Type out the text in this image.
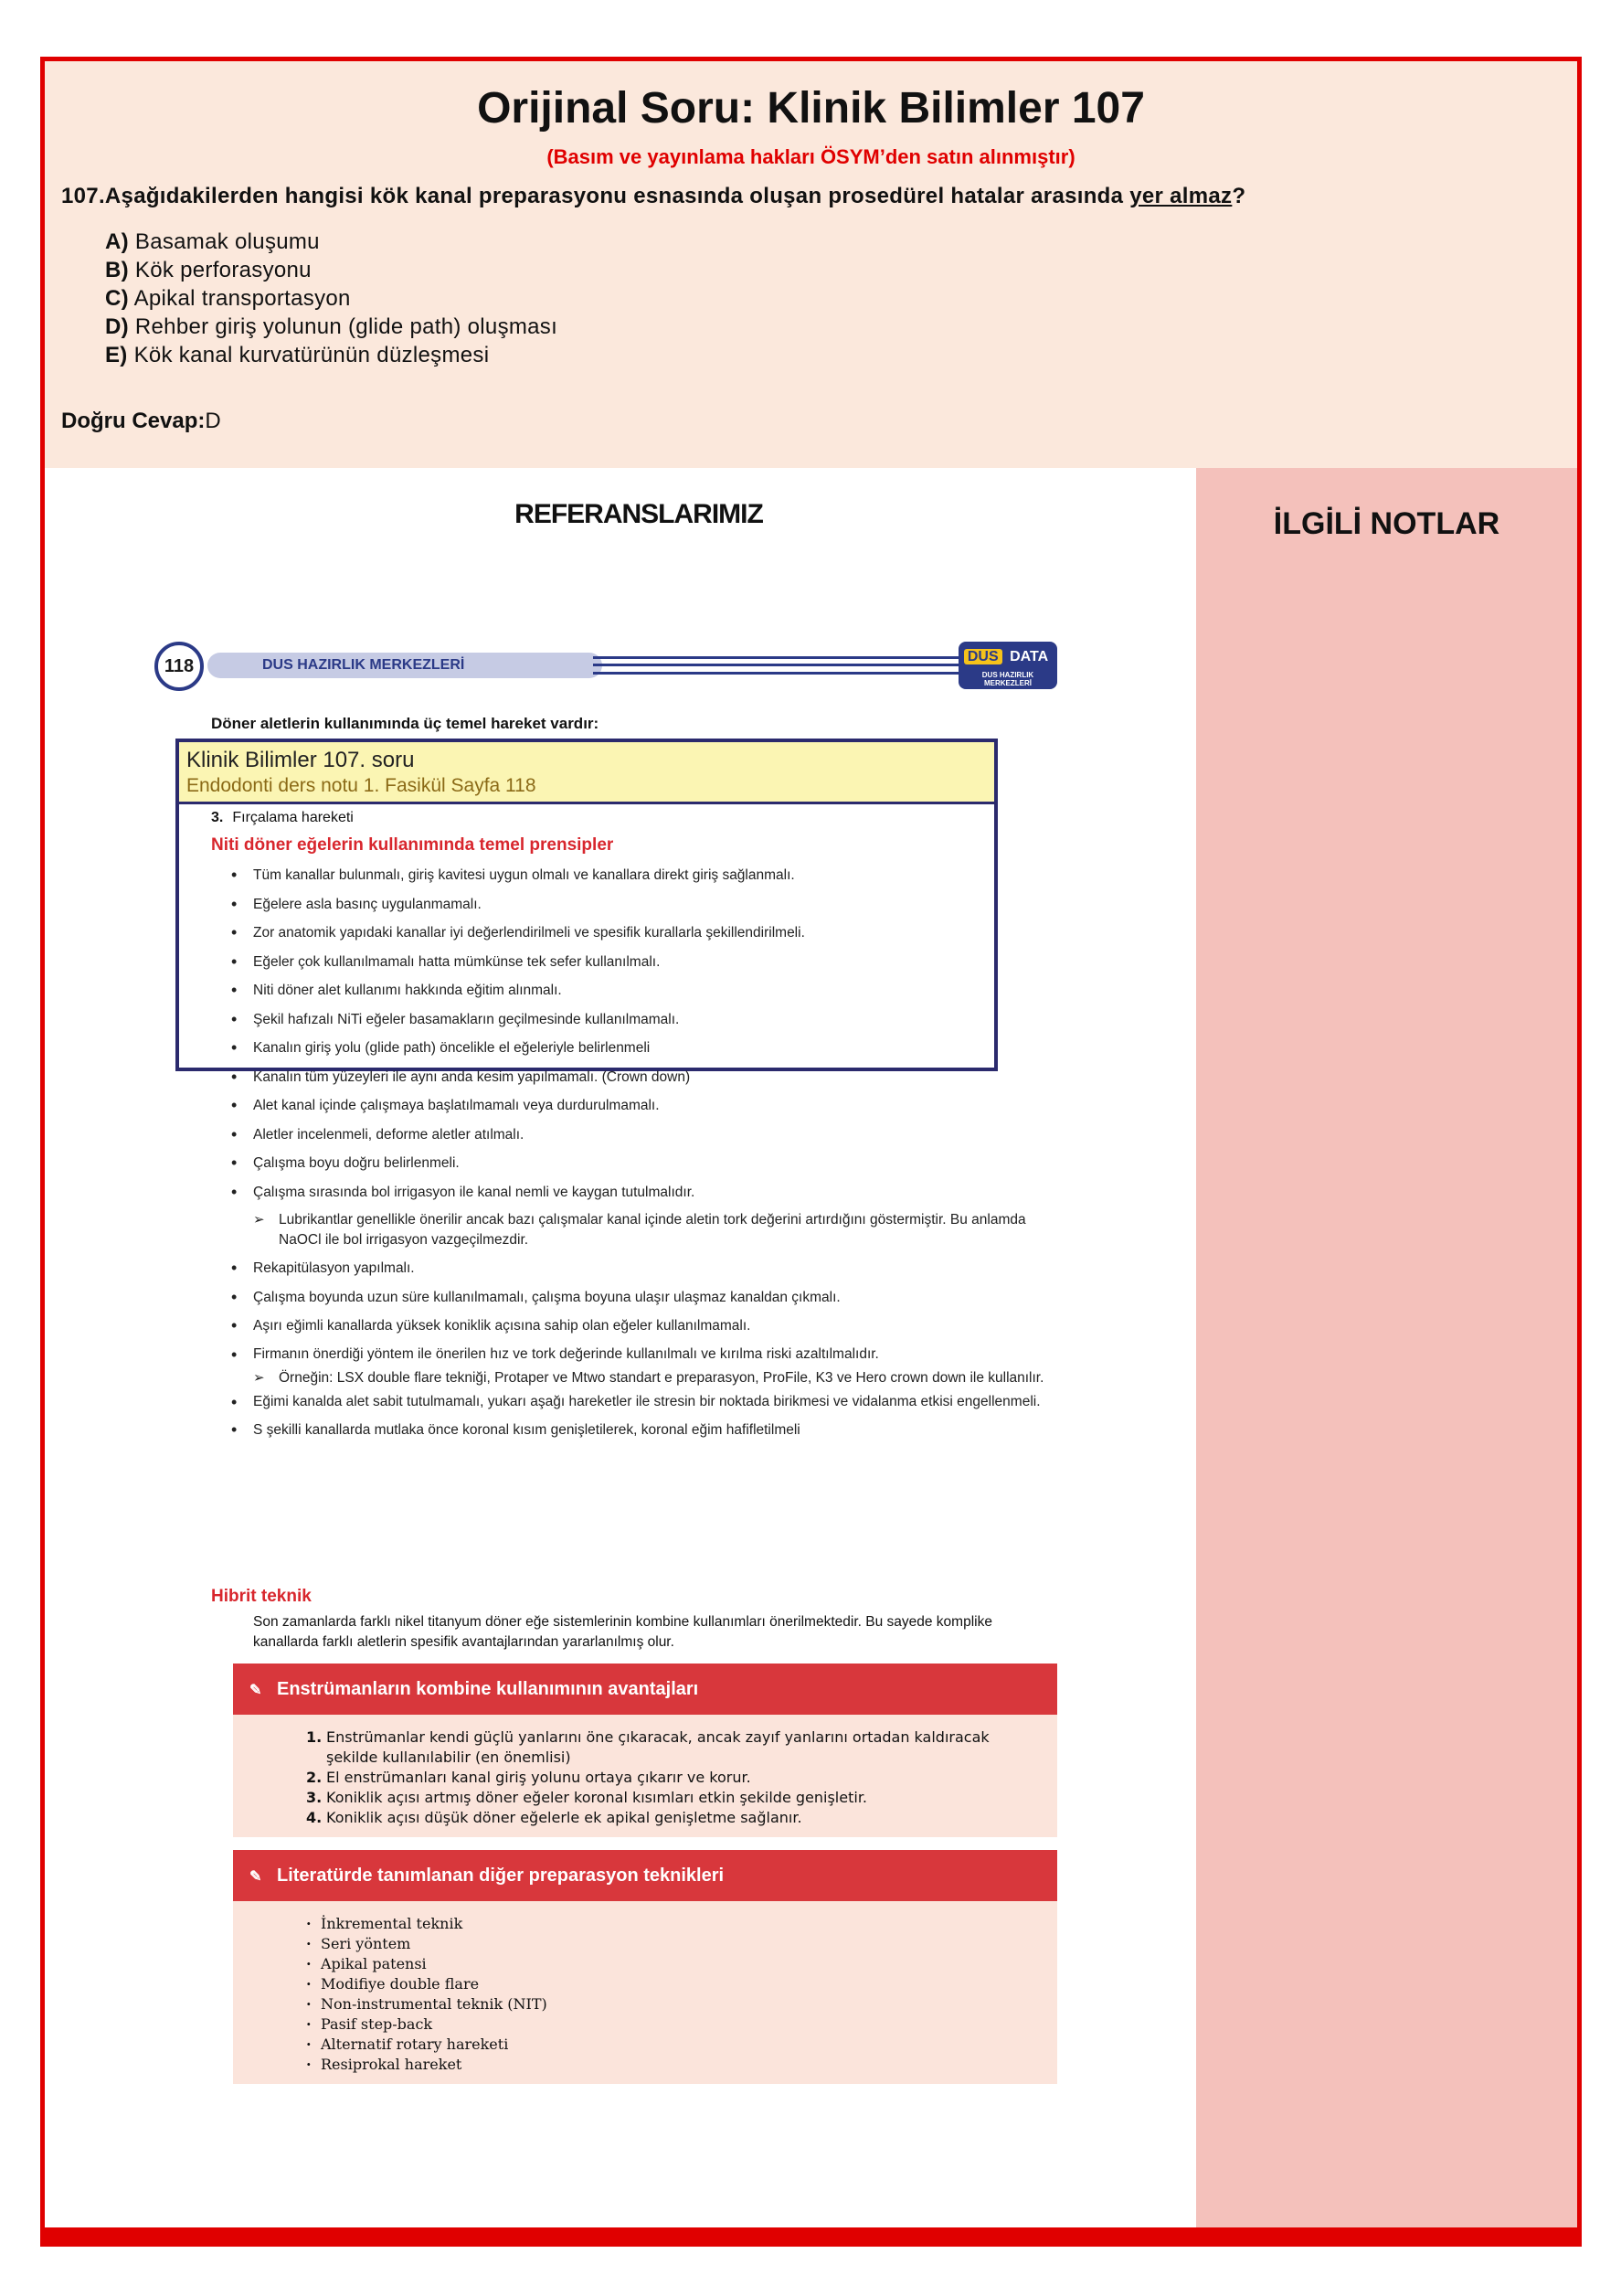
Orijinal Soru: Klinik Bilimler 107
(Basım ve yayınlama hakları ÖSYM’den satın alınmıştır)
107.Aşağıdakilerden hangisi kök kanal preparasyonu esnasında oluşan prosedürel hatalar arasında yer almaz?
A) Basamak oluşumu
B) Kök perforasyonu
C) Apikal transportasyon
D) Rehber giriş yolunun (glide path) oluşması
E) Kök kanal kurvatürünün düzleşmesi
Doğru Cevap:D
REFERANSLARIMIZ
118	DUS HAZIRLIK MERKEZLERİ
DUS DATA
DUS HAZIRLIK MERKEZLERİ
Döner aletlerin kullanımında üç temel hareket vardır:
Klinik Bilimler 107. soru
Endodonti ders notu 1. Fasikül Sayfa 118
3. Fırçalama hareketi
Niti döner eğelerin kullanımında temel prensipler
• Tüm kanallar bulunmalı, giriş kavitesi uygun olmalı ve kanallara direkt giriş sağlanmalı.
• Eğelere asla basınç uygulanmamalı.
• Zor anatomik yapıdaki kanallar iyi değerlendirilmeli ve spesifik kurallarla şekillendirilmeli.
• Eğeler çok kullanılmamalı hatta mümkünse tek sefer kullanılmalı.
• Niti döner alet kullanımı hakkında eğitim alınmalı.
• Şekil hafızalı NiTi eğeler basamakların geçilmesinde kullanılmamalı.
• Kanalın giriş yolu (glide path) öncelikle el eğeleriyle belirlenmeli
• Kanalın tüm yüzeyleri ile aynı anda kesim yapılmamalı. (Crown down)
• Alet kanal içinde çalışmaya başlatılmamalı veya durdurulmamalı.
• Aletler incelenmeli, deforme aletler atılmalı.
• Çalışma boyu doğru belirlenmeli.
• Çalışma sırasında bol irrigasyon ile kanal nemli ve kaygan tutulmalıdır.
➢ Lubrikantlar genellikle önerilir ancak bazı çalışmalar kanal içinde aletin tork değerini artırdığını göstermiştir. Bu anlamda NaOCl ile bol irrigasyon vazgeçilmezdir.
• Rekapitülasyon yapılmalı.
• Çalışma boyunda uzun süre kullanılmamalı, çalışma boyuna ulaşır ulaşmaz kanaldan çıkmalı.
• Aşırı eğimli kanallarda yüksek koniklik açısına sahip olan eğeler kullanılmamalı.
• Firmanın önerdiği yöntem ile önerilen hız ve tork değerinde kullanılmalı ve kırılma riski azaltılmalıdır.
➢ Örneğin: LSX double flare tekniği, Protaper ve Mtwo standart e preparasyon, ProFile, K3 ve Hero crown down ile kullanılır.
• Eğimi kanalda alet sabit tutulmamalı, yukarı aşağı hareketler ile stresin bir noktada birikmesi ve vidalanma etkisi engellenmeli.
• S şekilli kanallarda mutlaka önce koronal kısım genişletilerek, koronal eğim hafifletilmeli
Hibrit teknik
Son zamanlarda farklı nikel titanyum döner eğe sistemlerinin kombine kullanımları önerilmektedir. Bu sayede komplike kanallarda farklı aletlerin spesifik avantajlarından yararlanılmış olur.
✎ Enstrümanların kombine kullanımının avantajları
1. Enstrümanlar kendi güçlü yanlarını öne çıkaracak, ancak zayıf yanlarını ortadan kaldıracak şekilde kullanılabilir (en önemlisi)
2. El enstrümanları kanal giriş yolunu ortaya çıkarır ve korur.
3. Koniklik açısı artmış döner eğeler koronal kısımları etkin şekilde genişletir.
4. Koniklik açısı düşük döner eğelerle ek apikal genişletme sağlanır.
✎ Literatürde tanımlanan diğer preparasyon teknikleri
· İnkremental teknik
· Seri yöntem
· Apikal patensi
· Modifiye double flare
· Non-instrumental teknik (NIT)
· Pasif step-back
· Alternatif rotary hareketi
· Resiprokal hareket
İLGİLİ NOTLAR
